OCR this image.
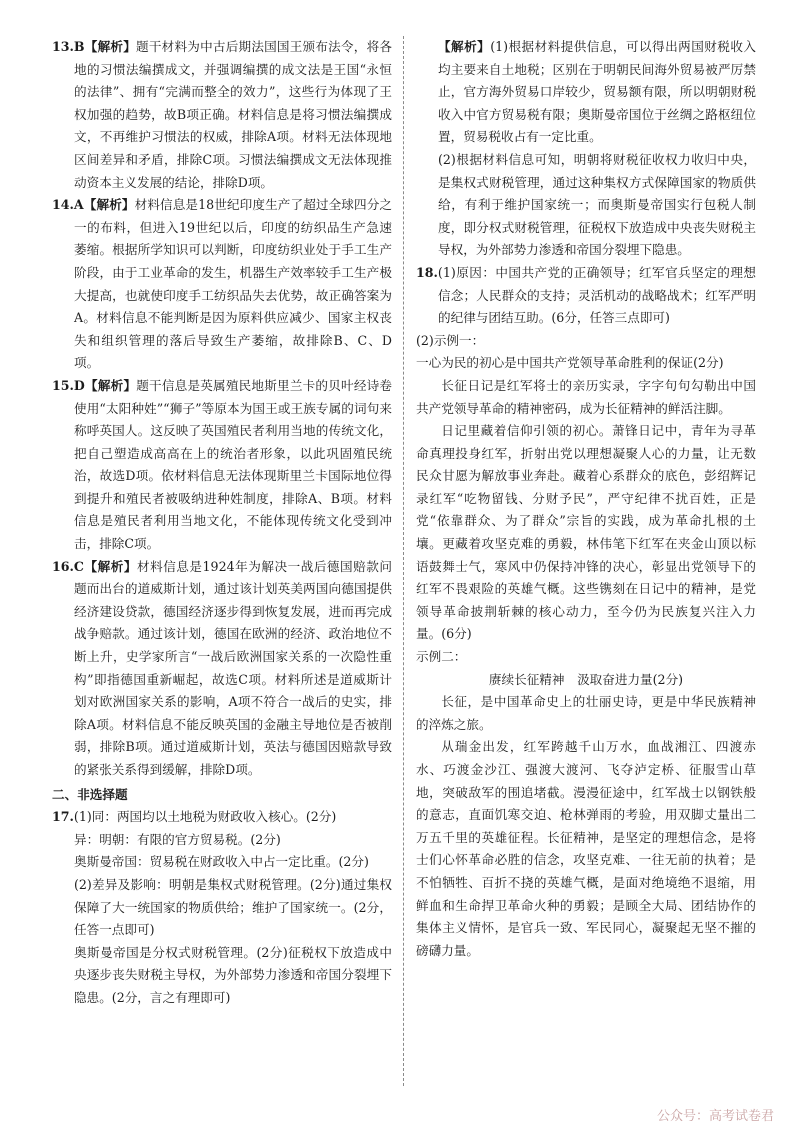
13.B【解析】题干材料为中古后期法国国王颁布法令，将各地的习惯法编撰成文，并强调编撰的成文法是王国“永恒的法律”、拥有“完满而整全的效力”，这些行为体现了王权加强的趋势，故B项正确。材料信息是将习惯法编撰成文，不再维护习惯法的权威，排除A项。材料无法体现地区间差异和矛盾，排除C项。习惯法编撰成文无法体现推动资本主义发展的结论，排除D项。

14.A【解析】材料信息是18世纪印度生产了超过全球四分之一的布料，但进入19世纪以后，印度的纺织品生产急速萎缩。根据所学知识可以判断，印度纺织业处于手工生产阶段，由于工业革命的发生，机器生产效率较手工生产极大提高，也就使印度手工纺织品失去优势，故正确答案为A。材料信息不能判断是因为原料供应减少、国家主权丧失和组织管理的落后导致生产萎缩，故排除B、C、D项。

15.D【解析】题干信息是英属殖民地斯里兰卡的贝叶经诗卷使用“太阳种姓”“狮子”等原本为国王或王族专属的词句来称呼英国人。这反映了英国殖民者利用当地的传统文化，把自己塑造成高高在上的统治者形象，以此巩固殖民统治，故选D项。依材料信息无法体现斯里兰卡国际地位得到提升和殖民者被吸纳进种姓制度，排除A、B项。材料信息是殖民者利用当地文化，不能体现传统文化受到冲击，排除C项。

16.C【解析】材料信息是1924年为解决一战后德国赔款问题而出台的道威斯计划，通过该计划英美两国向德国提供经济建设贷款，德国经济逐步得到恢复发展，进而再完成战争赔款。通过该计划，德国在欧洲的经济、政治地位不断上升，史学家所言“一战后欧洲国家关系的一次隐性重构”即指德国重新崛起，故选C项。材料所述是道威斯计划对欧洲国家关系的影响，A项不符合一战后的史实，排除A项。材料信息不能反映英国的金融主导地位是否被削弱，排除B项。通过道威斯计划，英法与德国因赔款导致的紧张关系得到缓解，排除D项。

二、非选择题

17.(1)同：两国均以土地税为财政收入核心。(2分)

异：明朝：有限的官方贸易税。(2分)

奥斯曼帝国：贸易税在财政收入中占一定比重。(2分)

(2)差异及影响：明朝是集权式财税管理。(2分)通过集权保障了大一统国家的物质供给；维护了国家统一。(2分，任答一点即可)

奥斯曼帝国是分权式财税管理。(2分)征税权下放造成中央逐步丧失财税主导权，为外部势力渗透和帝国分裂埋下隐患。(2分，言之有理即可)

【解析】(1)根据材料提供信息，可以得出两国财税收入均主要来自土地税；区别在于明朝民间海外贸易被严厉禁止，官方海外贸易口岸较少，贸易额有限，所以明朝财税收入中官方贸易税有限；奥斯曼帝国位于丝绸之路枢纽位置，贸易税收占有一定比重。

(2)根据材料信息可知，明朝将财税征收权力收归中央，是集权式财税管理，通过这种集权方式保障国家的物质供给，有利于维护国家统一；而奥斯曼帝国实行包税人制度，即分权式财税管理，征税权下放造成中央丧失财税主导权，为外部势力渗透和帝国分裂埋下隐患。

18.(1)原因：中国共产党的正确领导；红军官兵坚定的理想信念；人民群众的支持；灵活机动的战略战术；红军严明的纪律与团结互助。(6分，任答三点即可)

(2)示例一：

一心为民的初心是中国共产党领导革命胜利的保证(2分)

长征日记是红军将士的亲历实录，字字句句勾勒出中国共产党领导革命的精神密码，成为长征精神的鲜活注脚。

日记里藏着信仰引领的初心。萧锋日记中，青年为寻革命真理投身红军，折射出党以理想凝聚人心的力量，让无数民众甘愿为解放事业奔赴。藏着心系群众的底色，彭绍辉记录红军“吃物留钱、分财予民”，严守纪律不扰百姓，正是党“依靠群众、为了群众”宗旨的实践，成为革命扎根的土壤。更藏着攻坚克难的勇毅，林伟笔下红军在夹金山顶以标语鼓舞士气，寒风中仍保持冲锋的决心，彰显出党领导下的红军不畏艰险的英雄气概。这些镌刻在日记中的精神，是党领导革命披荆斩棘的核心动力，至今仍为民族复兴注入力量。(6分)

示例二：

赓续长征精神　汲取奋进力量(2分)

长征，是中国革命史上的壮丽史诗，更是中华民族精神的淬炼之旅。

从瑞金出发，红军跨越千山万水，血战湘江、四渡赤水、巧渡金沙江、强渡大渡河、飞夺泸定桥、征服雪山草地，突破敌军的围追堵截。漫漫征途中，红军战士以钢铁般的意志，直面饥寒交迫、枪林弹雨的考验，用双脚丈量出二万五千里的英雄征程。长征精神，是坚定的理想信念，是将士们心怀革命必胜的信念，攻坚克难、一往无前的执着；是不怕牺牲、百折不挠的英雄气概，是面对绝境绝不退缩，用鲜血和生命捍卫革命火种的勇毅；是顾全大局、团结协作的集体主义情怀，是官兵一致、军民同心，凝聚起无坚不摧的磅礴力量。

公众号：高考试卷君
